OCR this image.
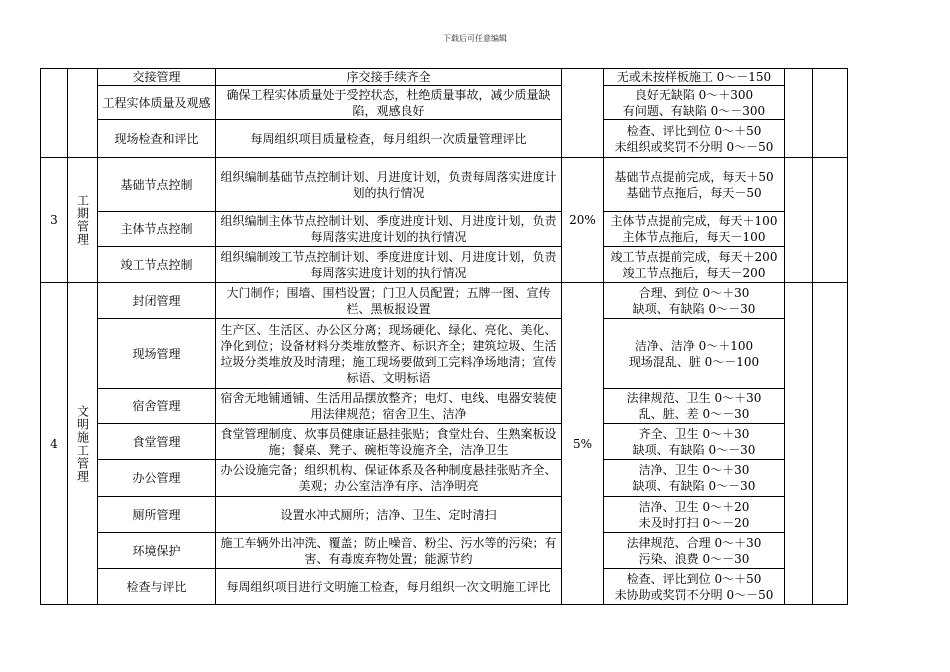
下载后可任意编辑
		交接管理	序交接手续齐全		无或未按样板施工 0～－150		
		工程实体质量及观感	确保工程实体质量处于受控状态，杜绝质量事故，减少质量缺陷，观感良好		良好无缺陷 0～＋300
有问题、有缺陷 0～－300		
		现场检查和评比	每周组织项目质量检查，每月组织一次质量管理评比		检查、评比到位 0～＋50
未组织或奖罚不分明 0～－50		
3	工期管理	基础节点控制	组织编制基础节点控制计划、月进度计划，负责每周落实进度计划的执行情况	20%	基础节点提前完成，每天＋50
基础节点拖后，每天－50		
		主体节点控制	组织编制主体节点控制计划、季度进度计划、月进度计划，负责每周落实进度计划的执行情况		主体节点提前完成，每天＋100
主体节点拖后，每天－100		
		竣工节点控制	组织编制竣工节点控制计划、季度进度计划、月进度计划，负责每周落实进度计划的执行情况		竣工节点提前完成，每天＋200
竣工节点拖后，每天－200		
4	文明施工管理	封闭管理	大门制作；围墙、围档设置；门卫人员配置；五牌一图、宣传栏、黑板报设置	5%	合理、到位 0～＋30
缺项、有缺陷 0～－30		
		现场管理	生产区、生活区、办公区分离；现场硬化、绿化、亮化、美化、净化到位；设备材料分类堆放整齐、标识齐全；建筑垃圾、生活垃圾分类堆放及时清理；施工现场要做到工完料净场地清；宣传标语、文明标语		洁净、洁净 0～＋100
现场混乱、脏 0～－100		
		宿舍管理	宿舍无地铺通铺、生活用品摆放整齐；电灯、电线、电器安装使用法律规范；宿舍卫生、洁净		法律规范、卫生 0～＋30
乱、脏、差 0～－30		
		食堂管理	食堂管理制度、炊事员健康证悬挂张贴；食堂灶台、生熟案板设施；餐桌、凳子、碗柜等设施齐全，洁净卫生		齐全、卫生 0～＋30
缺项、有缺陷 0～－30		
		办公管理	办公设施完备；组织机构、保证体系及各种制度悬挂张贴齐全、美观；办公室洁净有序、洁净明亮		洁净、卫生 0～＋30
缺项、有缺陷 0～－30		
		厕所管理	设置水冲式厕所；洁净、卫生、定时清扫		洁净、卫生 0～＋20
未及时打扫 0～－20		
		环境保护	施工车辆外出冲洗、覆盖；防止噪音、粉尘、污水等的污染；有害、有毒废弃物处置；能源节约		法律规范、合理 0～＋30
污染、浪费 0～－30		
		检查与评比	每周组织项目进行文明施工检查，每月组织一次文明施工评比		检查、评比到位 0～＋50
未协助或奖罚不分明 0～－50		
